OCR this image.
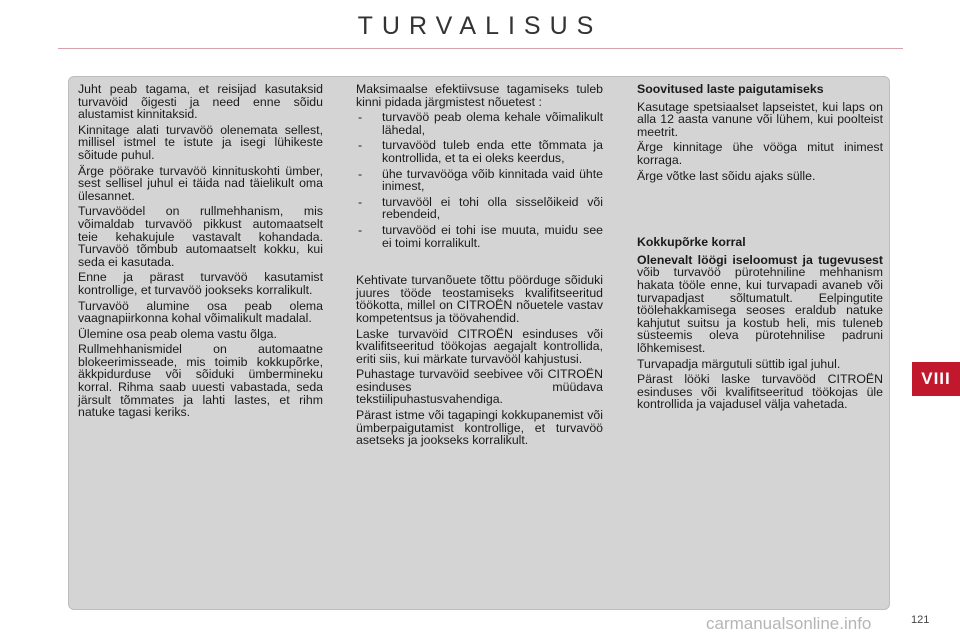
TURVALISUS

Juht peab tagama, et reisijad kasutaksid turvavöid õigesti ja need enne sõidu alustamist kinnitaksid.

Kinnitage alati turvavöö olenemata sellest, millisel istmel te istute ja isegi lühikeste sõitude puhul.

Ärge pöörake turvavöö kinnituskohti ümber, sest sellisel juhul ei täida nad täielikult oma ülesannet.

Turvavöödel on rullmehhanism, mis võimaldab turvavöö pikkust automaatselt teie kehakujule vastavalt kohandada. Turvavöö tõmbub automaatselt kokku, kui seda ei kasutada.

Enne ja pärast turvavöö kasutamist kontrollige, et turvavöö jookseks korralikult.

Turvavöö alumine osa peab olema vaagnapiirkonna kohal võimalikult madalal.

Ülemine osa peab olema vastu õlga.

Rullmehhanismidel on automaatne blokeerimisseade, mis toimib kokkupõrke, äkkpidurduse või sõiduki ümbermineku korral. Rihma saab uuesti vabastada, seda järsult tõmmates ja lahti lastes, et rihm natuke tagasi keriks.

Maksimaalse efektiivsuse tagamiseks tuleb kinni pidada järgmistest nõuetest :

- turvavöö peab olema kehale võimalikult lähedal,
- turvavööd tuleb enda ette tõmmata ja kontrollida, et ta ei oleks keerdus,
- ühe turvavööga võib kinnitada vaid ühte inimest,
- turvavööl ei tohi olla sisselõikeid või rebendeid,
- turvavööd ei tohi ise muuta, muidu see ei toimi korralikult.

Kehtivate turvanõuete tõttu pöörduge sõiduki juures tööde teostamiseks kvalifitseeritud töökotta, millel on CITROËN nõuetele vastav kompetentsus ja töövahendid.

Laske turvavöid CITROËN esinduses või kvalifitseeritud töökojas aegajalt kontrollida, eriti siis, kui märkate turvavööl kahjustusi.

Puhastage turvavöid seebivee või CITROËN esinduses müüdava tekstiilipuhastusvahendiga.

Pärast istme või tagapingi kokkupanemist või ümberpaigutamist kontrollige, et turvavöö asetseks ja jookseks korralikult.

Soovitused laste paigutamiseks

Kasutage spetsiaalset lapseistet, kui laps on alla 12 aasta vanune või lühem, kui poolteist meetrit.

Ärge kinnitage ühe vööga mitut inimest korraga.

Ärge võtke last sõidu ajaks sülle.

Kokkupõrke korral

Olenevalt löögi iseloomust ja tugevusest võib turvavöö pürotehniline mehhanism hakata tööle enne, kui turvapadi avaneb või turvapadjast sõltumatult. Eelpingutite töölehakkamisega seoses eraldub natuke kahjutut suitsu ja kostub heli, mis tuleneb süsteemis oleva pürotehnilise padruni lõhkemisest.

Turvapadja märgutuli süttib igal juhul.

Pärast lööki laske turvavööd CITROËN esinduses või kvalifitseeritud töökojas üle kontrollida ja vajadusel välja vahetada.

VIII
carmanualsonline.info	121
